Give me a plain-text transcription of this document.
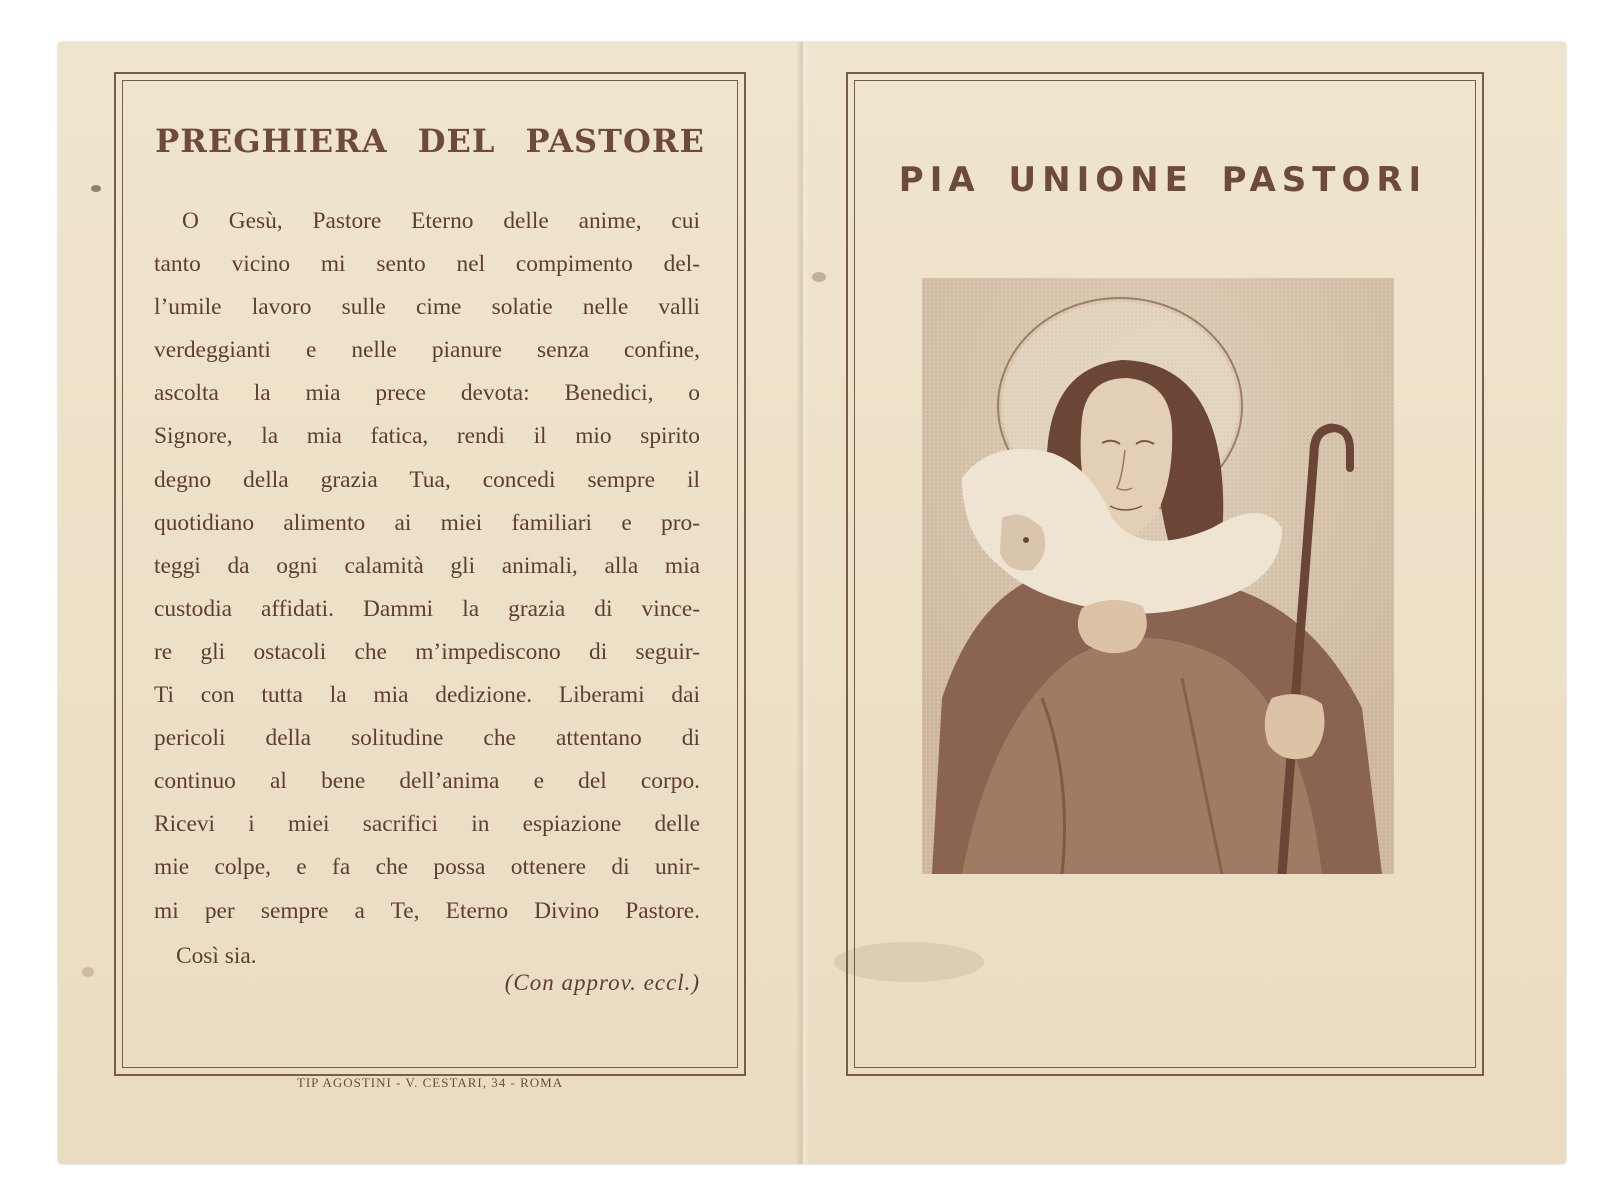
PREGHIERA DEL PASTORE
O Gesù, Pastore Eterno delle anime, cui
tanto vicino mi sento nel compimento del-
l’umile lavoro sulle cime solatie nelle valli
verdeggianti e nelle pianure senza confine,
ascolta la mia prece devota: Benedici, o
Signore, la mia fatica, rendi il mio spirito
degno della grazia Tua, concedi sempre il
quotidiano alimento ai miei familiari e pro-
teggi da ogni calamità gli animali, alla mia
custodia affidati. Dammi la grazia di vince-
re gli ostacoli che m’impediscono di seguir-
Ti con tutta la mia dedizione. Liberami dai
pericoli della solitudine che attentano di
continuo al bene dell’anima e del corpo.
Ricevi i miei sacrifici in espiazione delle
mie colpe, e fa che possa ottenere di unir-
mi per sempre a Te, Eterno Divino Pastore.
Così sia.
(Con approv. eccl.)
TIP AGOSTINI - V. CESTARI, 34 - ROMA
PIA UNIONE PASTORI
